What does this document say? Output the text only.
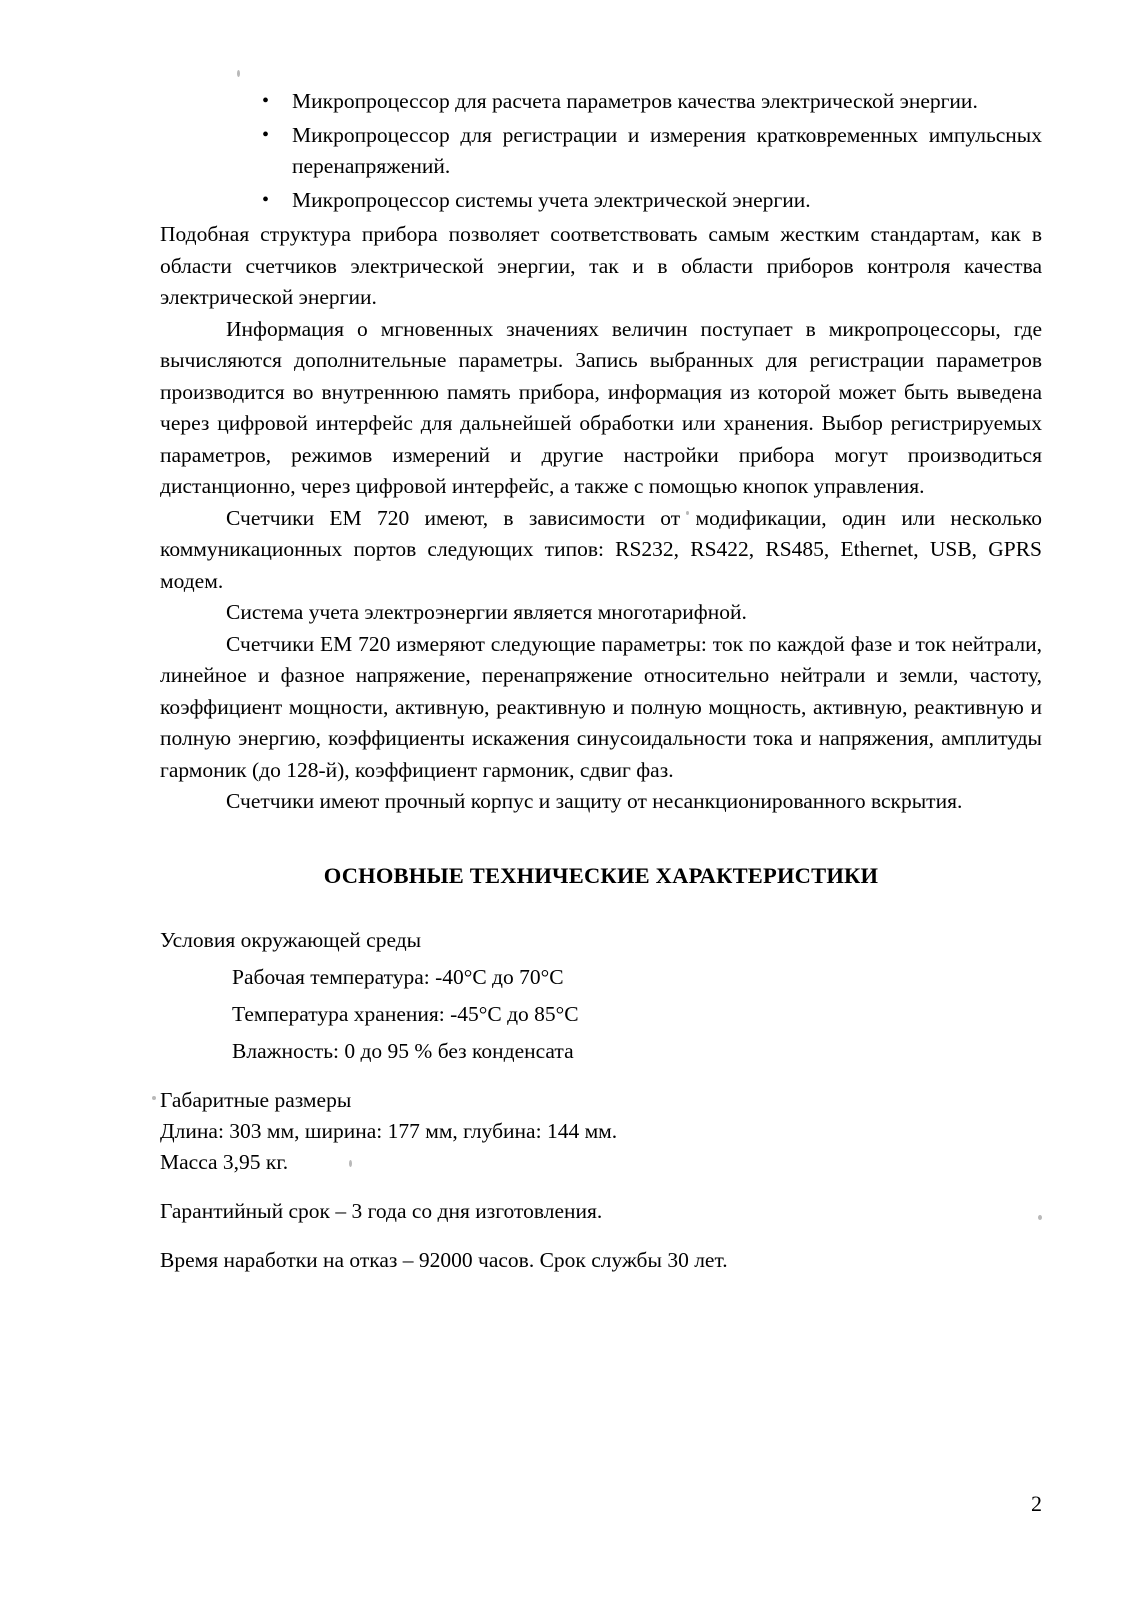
• Микропроцессор для расчета параметров качества электрической энергии.
• Микропроцессор для регистрации и измерения кратковременных импульсных перенапряжений.
• Микропроцессор системы учета электрической энергии.

Подобная структура прибора позволяет соответствовать самым жестким стандартам, как в области счетчиков электрической энергии, так и в области приборов контроля качества электрической энергии.

Информация о мгновенных значениях величин поступает в микропроцессоры, где вычисляются дополнительные параметры. Запись выбранных для регистрации параметров производится во внутреннюю память прибора, информация из которой может быть выведена через цифровой интерфейс для дальнейшей обработки или хранения. Выбор регистрируемых параметров, режимов измерений и другие настройки прибора могут производиться дистанционно, через цифровой интерфейс, а также с помощью кнопок управления.

Счетчики ЕМ 720 имеют, в зависимости от модификации, один или несколько коммуникационных портов следующих типов: RS232, RS422, RS485, Ethernet, USB, GPRS модем.

Система учета электроэнергии является многотарифной.

Счетчики ЕМ 720 измеряют следующие параметры: ток по каждой фазе и ток нейтрали, линейное и фазное напряжение, перенапряжение относительно нейтрали и земли, частоту, коэффициент мощности, активную, реактивную и полную мощность, активную, реактивную и полную энергию, коэффициенты искажения синусоидальности тока и напряжения, амплитуды гармоник (до 128-й), коэффициент гармоник, сдвиг фаз.

Счетчики имеют прочный корпус и защиту от несанкционированного вскрытия.

ОСНОВНЫЕ ТЕХНИЧЕСКИЕ ХАРАКТЕРИСТИКИ

Условия окружающей среды

Рабочая температура: -40°С до 70°С

Температура хранения: -45°С до 85°С

Влажность: 0 до 95 % без конденсата

Габаритные размеры

Длина: 303 мм, ширина: 177 мм, глубина: 144 мм.

Масса 3,95 кг.

Гарантийный срок – 3 года со дня изготовления.

Время наработки на отказ – 92000 часов. Срок службы 30 лет.

2
